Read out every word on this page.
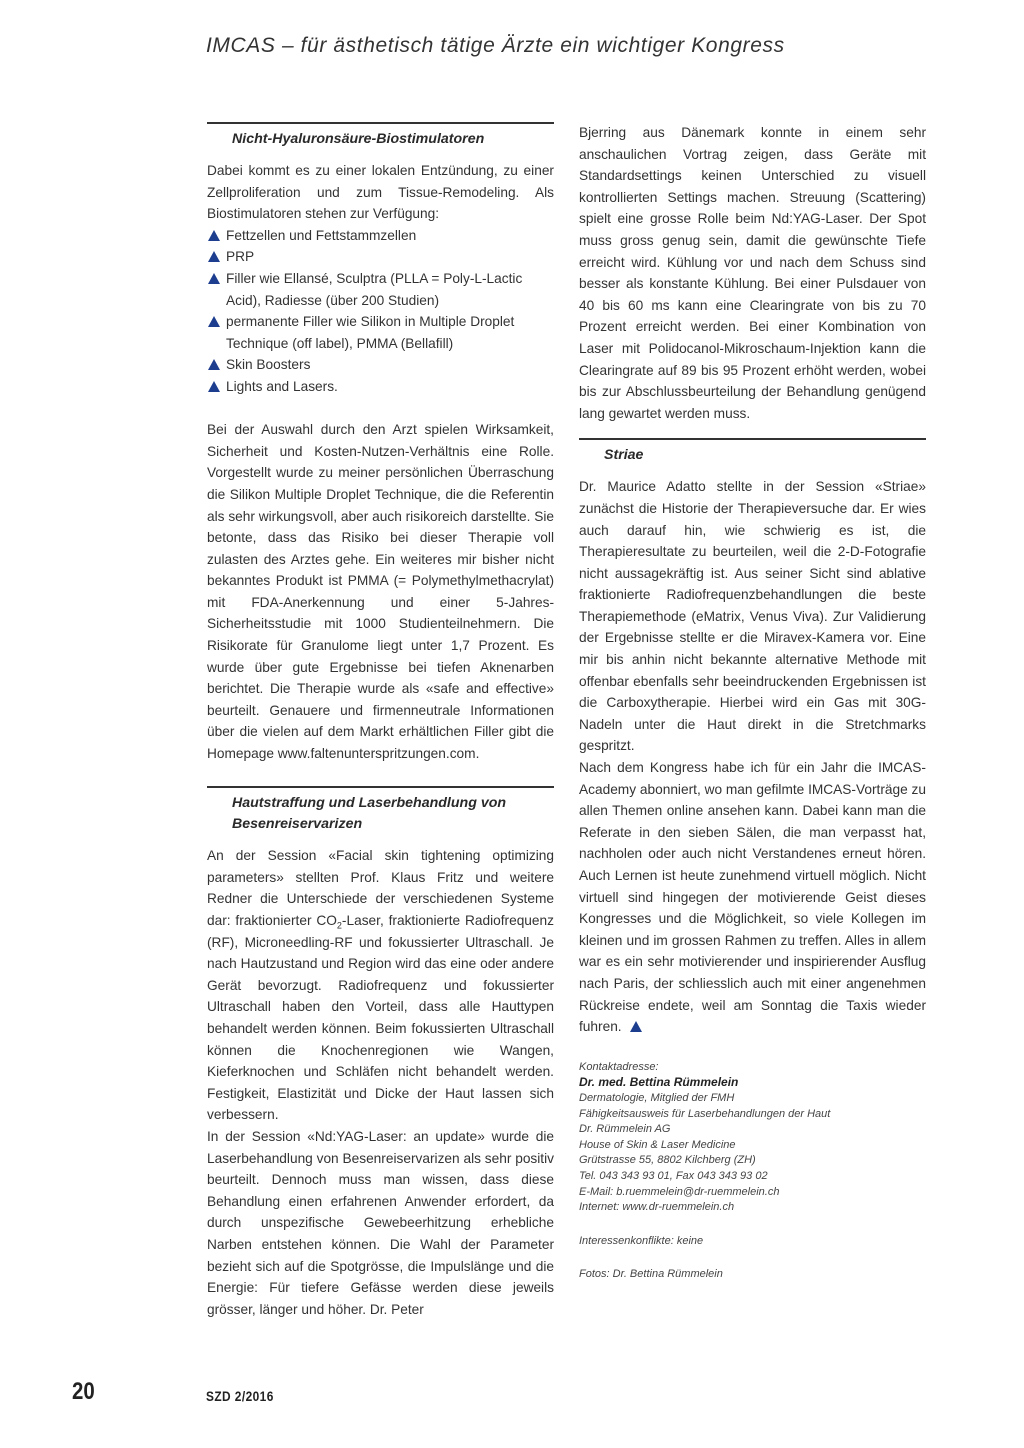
IMCAS – für ästhetisch tätige Ärzte ein wichtiger Kongress
Nicht-Hyaluronsäure-Biostimulatoren

Dabei kommt es zu einer lokalen Entzündung, zu einer Zellproliferation und zum Tissue-Remodeling. Als Biostimulatoren stehen zur Verfügung:

Fettzellen und Fettstammzellen
PRP
Filler wie Ellansé, Sculptra (PLLA = Poly-L-Lactic Acid), Radiesse (über 200 Studien)
permanente Filler wie Silikon in Multiple Droplet Technique (off label), PMMA (Bellafill)
Skin Boosters
Lights and Lasers.

Bei der Auswahl durch den Arzt spielen Wirksamkeit, Sicherheit und Kosten-Nutzen-Verhältnis eine Rolle. Vorgestellt wurde zu meiner persönlichen Überraschung die Silikon Multiple Droplet Technique, die die Referentin als sehr wirkungsvoll, aber auch risikoreich darstellte. Sie betonte, dass das Risiko bei dieser Therapie voll zulasten des Arztes gehe. Ein weiteres mir bisher nicht bekanntes Produkt ist PMMA (= Polymethylmethacrylat) mit FDA-Anerkennung und einer 5-Jahres-Sicherheitsstudie mit 1000 Studienteilnehmern. Die Risikorate für Granulome liegt unter 1,7 Prozent. Es wurde über gute Ergebnisse bei tiefen Aknenarben berichtet. Die Therapie wurde als «safe and effective» beurteilt. Genauere und firmenneutrale Informationen über die vielen auf dem Markt erhältlichen Filler gibt die Homepage www.faltenunterspritzungen.com.

Hautstraffung und Laserbehandlung von Besenreiservarizen

An der Session «Facial skin tightening optimizing parameters» stellten Prof. Klaus Fritz und weitere Redner die Unterschiede der verschiedenen Systeme dar: fraktionierter $CO_2$-Laser, fraktionierte Radiofrequenz (RF), Microneedling-RF und fokussierter Ultraschall. Je nach Hautzustand und Region wird das eine oder andere Gerät bevorzugt. Radiofrequenz und fokussierter Ultraschall haben den Vorteil, dass alle Hauttypen behandelt werden können. Beim fokussierten Ultraschall können die Knochenregionen wie Wangen, Kieferknochen und Schläfen nicht behandelt werden. Festigkeit, Elastizität und Dicke der Haut lassen sich verbessern.

In der Session «Nd:YAG-Laser: an update» wurde die Laserbehandlung von Besenreiservarizen als sehr positiv beurteilt. Dennoch muss man wissen, dass diese Behandlung einen erfahrenen Anwender erfordert, da durch unspezifische Gewebeerhitzung erhebliche Narben entstehen können. Die Wahl der Parameter bezieht sich auf die Spotgrösse, die Impulslänge und die Energie: Für tiefere Gefässe werden diese jeweils grösser, länger und höher. Dr. Peter

Bjerring aus Dänemark konnte in einem sehr anschaulichen Vortrag zeigen, dass Geräte mit Standardsettings keinen Unterschied zu visuell kontrollierten Settings machen. Streuung (Scattering) spielt eine grosse Rolle beim Nd:YAG-Laser. Der Spot muss gross genug sein, damit die gewünschte Tiefe erreicht wird. Kühlung vor und nach dem Schuss sind besser als konstante Kühlung. Bei einer Pulsdauer von 40 bis 60 ms kann eine Clearingrate von bis zu 70 Prozent erreicht werden. Bei einer Kombination von Laser mit Polidocanol-Mikroschaum-Injektion kann die Clearingrate auf 89 bis 95 Prozent erhöht werden, wobei bis zur Abschlussbeurteilung der Behandlung genügend lang gewartet werden muss.

Striae

Dr. Maurice Adatto stellte in der Session «Striae» zunächst die Historie der Therapieversuche dar. Er wies auch darauf hin, wie schwierig es ist, die Therapieresultate zu beurteilen, weil die 2-D-Fotografie nicht aussagekräftig ist. Aus seiner Sicht sind ablative fraktionierte Radiofrequenzbehandlungen die beste Therapiemethode (eMatrix, Venus Viva). Zur Validierung der Ergebnisse stellte er die Miravex-Kamera vor. Eine mir bis anhin nicht bekannte alternative Methode mit offenbar ebenfalls sehr beeindruckenden Ergebnissen ist die Carboxytherapie. Hierbei wird ein Gas mit 30G-Nadeln unter die Haut direkt in die Stretchmarks gespritzt.

Nach dem Kongress habe ich für ein Jahr die IMCAS-Academy abonniert, wo man gefilmte IMCAS-Vorträge zu allen Themen online ansehen kann. Dabei kann man die Referate in den sieben Sälen, die man verpasst hat, nachholen oder auch nicht Verstandenes erneut hören. Auch Lernen ist heute zunehmend virtuell möglich. Nicht virtuell sind hingegen der motivierende Geist dieses Kongresses und die Möglichkeit, so viele Kollegen im kleinen und im grossen Rahmen zu treffen. Alles in allem war es ein sehr motivierender und inspirierender Ausflug nach Paris, der schliesslich auch mit einer angenehmen Rückreise endete, weil am Sonntag die Taxis wieder fuhren.

Kontaktadresse:
Dr. med. Bettina Rümmelein
Dermatologie, Mitglied der FMH
Fähigkeitsausweis für Laserbehandlungen der Haut
Dr. Rümmelein AG
House of Skin & Laser Medicine
Grütstrasse 55, 8802 Kilchberg (ZH)
Tel. 043 343 93 01, Fax 043 343 93 02
E-Mail: b.ruemmelein@dr-ruemmelein.ch
Internet: www.dr-ruemmelein.ch
Interessenkonflikte: keine
Fotos: Dr. Bettina Rümmelein
20	SZD 2/2016
